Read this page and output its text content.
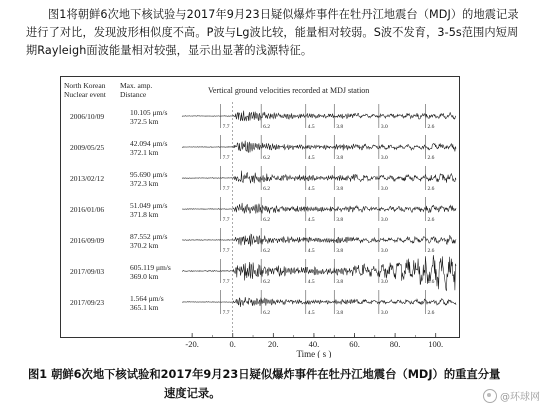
图1将朝鲜6次地下核试验与2017年9月23日疑似爆炸事件在牡丹江地震台（MDJ）的地震记录进行了对比，发现波形相似度不高。P波与Lg波比较，能量相对较弱。S波不发育，3-5s范围内短周期Rayleigh面波能量相对较强，显示出显著的浅源特征。

North Korean
Nuclear event
Max. amp.
Distance	Vertical ground velocities recorded at MDJ station
2006/10/09	10.105 μm/s
372.5 km
7.7	6.2	4.5	3.8	3.0	2.6
2009/05/25	42.094 μm/s
372.1 km
7.7	6.2	4.5	3.8	3.0	2.6
2013/02/12	95.690 μm/s
372.3 km
7.7	6.2	4.5	3.8	3.0	2.6
2016/01/06	51.049 μm/s
371.8 km
7.7	6.2	4.5	3.8	3.0	2.6
2016/09/09	87.552 μm/s
370.2 km
7.7	6.2	4.5	3.8	3.0	2.6
2017/09/03	605.119 μm/s
369.0 km
7.7	6.2	4.5	3.8	3.0	2.6
2017/09/23	1.564 μm/s
365.1 km
7.7	6.2	4.5	3.8	3.0	2.6
-20.	0.	20.	40.	60.	80.	100.
Time ( s )
图1 朝鲜6次地下核试验和2017年9月23日疑似爆炸事件在牡丹江地震台（MDJ）的重直分量
速度记录。	@环球网
